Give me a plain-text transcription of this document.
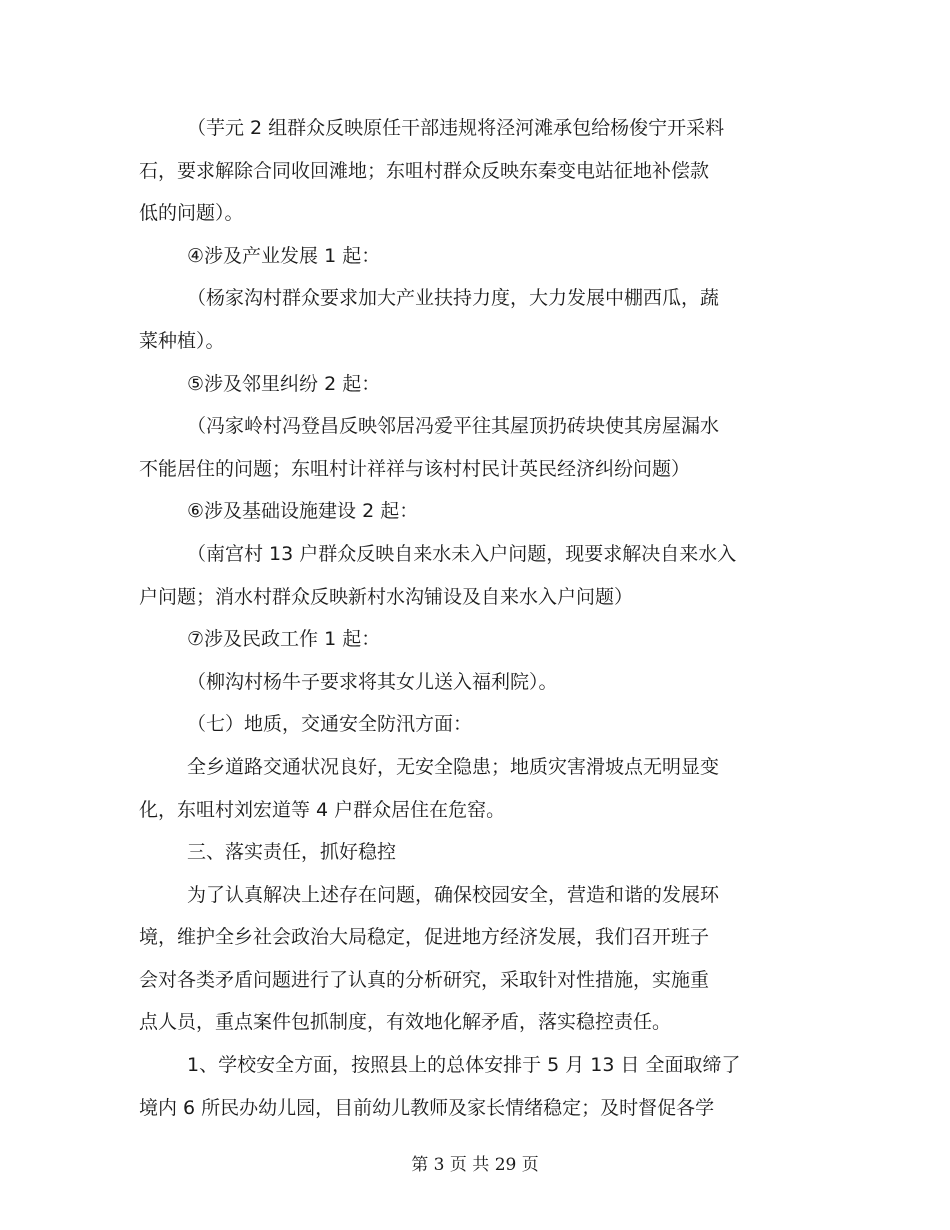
（芋元 2 组群众反映原任干部违规将泾河滩承包给杨俊宁开采料
石，要求解除合同收回滩地；东咀村群众反映东秦变电站征地补偿款
低的问题）。
④涉及产业发展 1 起：
（杨家沟村群众要求加大产业扶持力度，大力发展中棚西瓜，蔬
菜种植）。
⑤涉及邻里纠纷 2 起：
（冯家岭村冯登昌反映邻居冯爱平往其屋顶扔砖块使其房屋漏水
不能居住的问题；东咀村计祥祥与该村村民计英民经济纠纷问题）
⑥涉及基础设施建设 2 起：
（南宫村 13 户群众反映自来水未入户问题，现要求解决自来水入
户问题；消水村群众反映新村水沟铺设及自来水入户问题）
⑦涉及民政工作 1 起：
（柳沟村杨牛子要求将其女儿送入福利院）。
（七）地质，交通安全防汛方面：
全乡道路交通状况良好，无安全隐患；地质灾害滑坡点无明显变
化，东咀村刘宏道等 4 户群众居住在危窑。
三、落实责任，抓好稳控
为了认真解决上述存在问题，确保校园安全，营造和谐的发展环
境，维护全乡社会政治大局稳定，促进地方经济发展，我们召开班子
会对各类矛盾问题进行了认真的分析研究，采取针对性措施，实施重
点人员，重点案件包抓制度，有效地化解矛盾，落实稳控责任。
1、学校安全方面，按照县上的总体安排于 5 月 13 日 全面取缔了
境内 6 所民办幼儿园，目前幼儿教师及家长情绪稳定；及时督促各学
第 3 页 共 29 页
